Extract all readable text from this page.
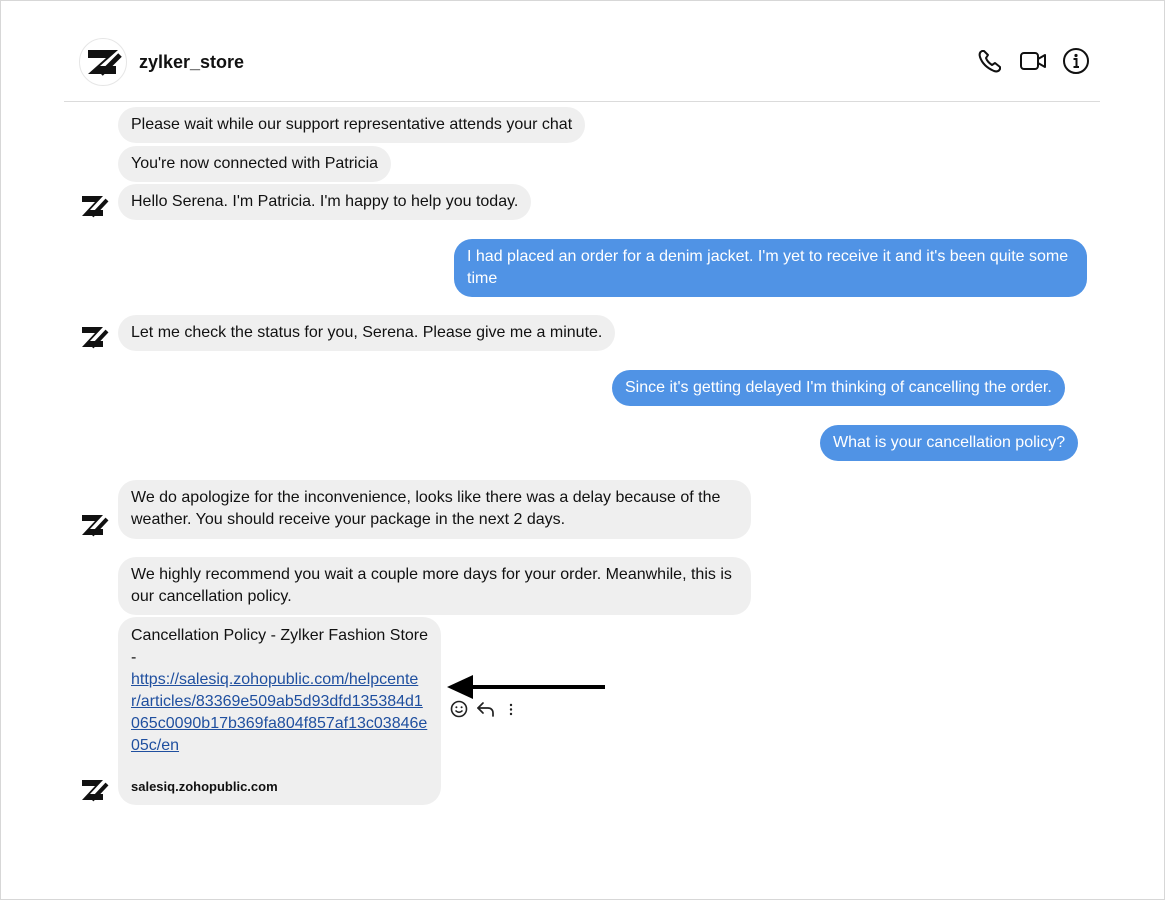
zylker_store
Please wait while our support representative attends your chat
You're now connected with Patricia
Hello Serena. I'm Patricia. I'm happy to help you today.
I had placed an order for a denim jacket. I'm yet to receive it and it's been quite some time
Let me check the status for you, Serena. Please give me a minute.
Since it's getting delayed I'm thinking of cancelling the order.
What is your cancellation policy?
We do apologize for the inconvenience, looks like there was a delay because of the weather. You should receive your package in the next 2 days.
We highly recommend you wait a couple more days for your order. Meanwhile, this is our cancellation policy.
Cancellation Policy - Zylker Fashion Store -
https://salesiq.zohopublic.com/helpcenter/articles/83369e509ab5d93dfd135384d1065c0090b17b369fa804f857af13c03846e05c/en
salesiq.zohopublic.com
